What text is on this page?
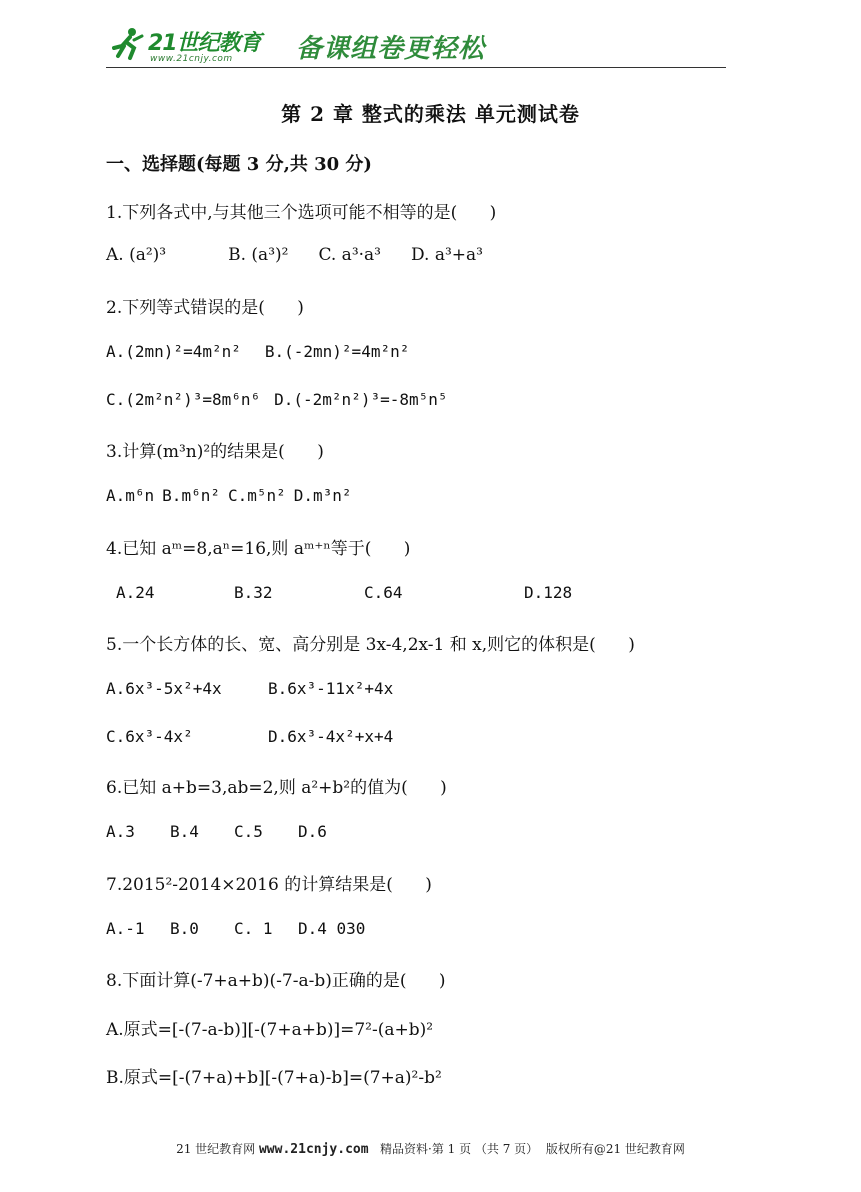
21世纪教育
www.21cnjy.com 备课组卷更轻松
第 2 章 整式的乘法 单元测试卷
一、选择题(每题 3 分,共 30 分)
1.下列各式中,与其他三个选项可能不相等的是(      )
A. (a²)³	B. (a³)² C. a³·a³ D. a³+a³
2.下列等式错误的是(      )
A.(2mn)²=4m²n² B.(-2mn)²=4m²n²
C.(2m²n²)³=8m⁶n⁶ D.(-2m²n²)³=-8m⁵n⁵
3.计算(m³n)²的结果是(      )
A.m⁶n B.m⁶n² C.m⁵n² D.m³n²
4.已知 aᵐ=8,aⁿ=16,则 aᵐ⁺ⁿ等于(      )
A.24	B.32	C.64	D.128
5.一个长方体的长、宽、高分别是 3x-4,2x-1 和 x,则它的体积是(      )
A.6x³-5x²+4x	B.6x³-11x²+4x
C.6x³-4x²	D.6x³-4x²+x+4
6.已知 a+b=3,ab=2,则 a²+b²的值为(      )
A.3 B.4 C.5 D.6
7.2015²-2014×2016 的计算结果是(      )
A.-1 B.0 C. 1 D.4 030
8.下面计算(-7+a+b)(-7-a-b)正确的是(      )
A.原式=[-(7-a-b)][-(7+a+b)]=7²-(a+b)²
B.原式=[-(7+a)+b][-(7+a)-b]=(7+a)²-b²
21 世纪教育网 www.21cnjy.com 精品资料·第 1 页 （共 7 页） 版权所有@21 世纪教育网
